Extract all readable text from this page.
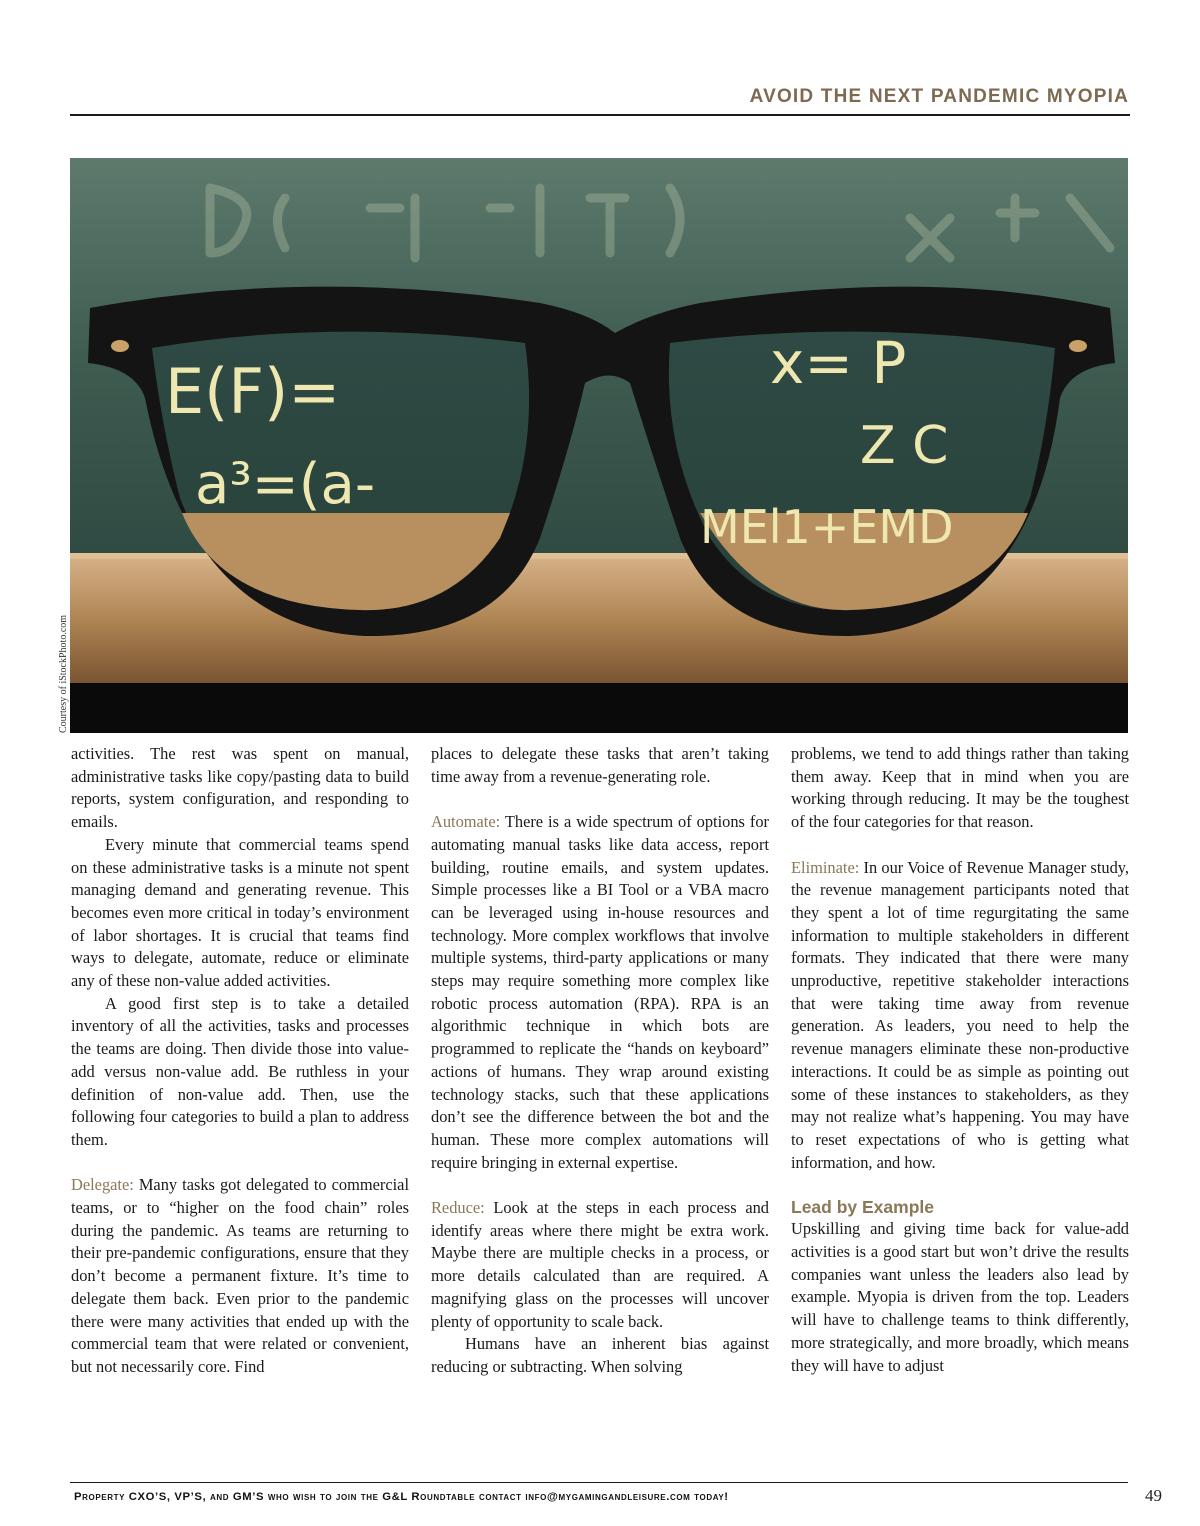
AVOID THE NEXT PANDEMIC MYOPIA
E(F)=
a³=(a-
x= P
Z C
MEl1+EMD
Courtesy of iStockPhoto.com

activities. The rest was spent on manual, administrative tasks like copy/pasting data to build reports, system configuration, and responding to emails.

Every minute that commercial teams spend on these administrative tasks is a minute not spent managing demand and generating revenue. This becomes even more critical in today’s environment of labor shortages. It is crucial that teams find ways to delegate, automate, reduce or eliminate any of these non-value added activities.

A good first step is to take a detailed inventory of all the activities, tasks and processes the teams are doing. Then divide those into value-add versus non-value add. Be ruthless in your definition of non-value add. Then, use the following four categories to build a plan to address them.

Delegate: Many tasks got delegated to commercial teams, or to “higher on the food chain” roles during the pandemic. As teams are returning to their pre-pandemic configurations, ensure that they don’t become a permanent fixture. It’s time to delegate them back. Even prior to the pandemic there were many activities that ended up with the commercial team that were related or convenient, but not necessarily core. Find

places to delegate these tasks that aren’t taking time away from a revenue-generating role.

Automate: There is a wide spectrum of options for automating manual tasks like data access, report building, routine emails, and system updates. Simple processes like a BI Tool or a VBA macro can be leveraged using in-house resources and technology. More complex workflows that involve multiple systems, third-party applications or many steps may require something more complex like robotic process automation (RPA). RPA is an algorithmic technique in which bots are programmed to replicate the “hands on keyboard” actions of humans. They wrap around existing technology stacks, such that these applications don’t see the difference between the bot and the human. These more complex automations will require bringing in external expertise.

Reduce: Look at the steps in each process and identify areas where there might be extra work. Maybe there are multiple checks in a process, or more details calculated than are required. A magnifying glass on the processes will uncover plenty of opportunity to scale back.

Humans have an inherent bias against reducing or subtracting. When solving

problems, we tend to add things rather than taking them away. Keep that in mind when you are working through reducing. It may be the toughest of the four categories for that reason.

Eliminate: In our Voice of Revenue Manager study, the revenue management participants noted that they spent a lot of time regurgitating the same information to multiple stakeholders in different formats. They indicated that there were many unproductive, repetitive stakeholder interactions that were taking time away from revenue generation. As leaders, you need to help the revenue managers eliminate these non-productive interactions. It could be as simple as pointing out some of these instances to stakeholders, as they may not realize what’s happening. You may have to reset expectations of who is getting what information, and how.

Lead by Example

Upskilling and giving time back for value-add activities is a good start but won’t drive the results companies want unless the leaders also lead by example. Myopia is driven from the top. Leaders will have to challenge teams to think differently, more strategically, and more broadly, which means they will have to adjust

Property CXO’S, VP’S, and GM’S who wish to join the G&L Roundtable contact info@mygamingandleisure.com today!	49
